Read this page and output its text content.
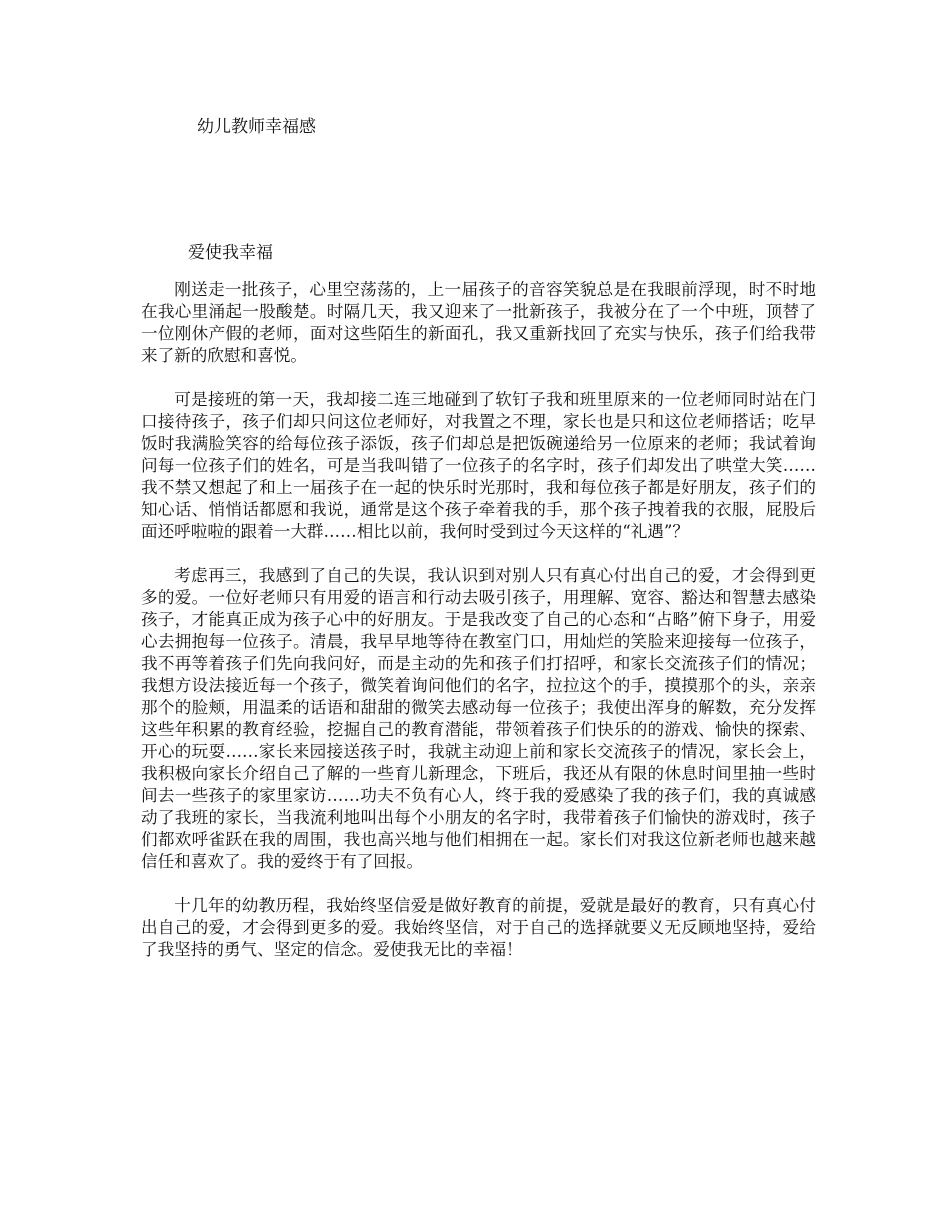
幼儿教师幸福感
爱使我幸福

刚送走一批孩子，心里空荡荡的，上一届孩子的音容笑貌总是在我眼前浮现，时不时地在我心里涌起一股酸楚。时隔几天，我又迎来了一批新孩子，我被分在了一个中班，顶替了一位刚休产假的老师，面对这些陌生的新面孔，我又重新找回了充实与快乐，孩子们给我带来了新的欣慰和喜悦。

可是接班的第一天，我却接二连三地碰到了软钉子我和班里原来的一位老师同时站在门口接待孩子，孩子们却只问这位老师好，对我置之不理，家长也是只和这位老师搭话；吃早饭时我满脸笑容的给每位孩子添饭，孩子们却总是把饭碗递给另一位原来的老师；我试着询问每一位孩子们的姓名，可是当我叫错了一位孩子的名字时，孩子们却发出了哄堂大笑……我不禁又想起了和上一届孩子在一起的快乐时光那时，我和每位孩子都是好朋友，孩子们的知心话、悄悄话都愿和我说，通常是这个孩子牵着我的手，那个孩子拽着我的衣服，屁股后面还呼啦啦的跟着一大群……相比以前，我何时受到过今天这样的“礼遇”？

考虑再三，我感到了自己的失误，我认识到对别人只有真心付出自己的爱，才会得到更多的爱。一位好老师只有用爱的语言和行动去吸引孩子，用理解、宽容、豁达和智慧去感染孩子，才能真正成为孩子心中的好朋友。于是我改变了自己的心态和“占略”俯下身子，用爱心去拥抱每一位孩子。清晨，我早早地等待在教室门口，用灿烂的笑脸来迎接每一位孩子，我不再等着孩子们先向我问好，而是主动的先和孩子们打招呼，和家长交流孩子们的情况；我想方设法接近每一个孩子，微笑着询问他们的名字，拉拉这个的手，摸摸那个的头，亲亲那个的脸颊，用温柔的话语和甜甜的微笑去感动每一位孩子；我使出浑身的解数，充分发挥这些年积累的教育经验，挖掘自己的教育潜能，带领着孩子们快乐的的游戏、愉快的探索、开心的玩耍……家长来园接送孩子时，我就主动迎上前和家长交流孩子的情况，家长会上，我积极向家长介绍自己了解的一些育儿新理念，下班后，我还从有限的休息时间里抽一些时间去一些孩子的家里家访……功夫不负有心人，终于我的爱感染了我的孩子们，我的真诚感动了我班的家长，当我流利地叫出每个小朋友的名字时，我带着孩子们愉快的游戏时，孩子们都欢呼雀跃在我的周围，我也高兴地与他们相拥在一起。家长们对我这位新老师也越来越信任和喜欢了。我的爱终于有了回报。

十几年的幼教历程，我始终坚信爱是做好教育的前提，爱就是最好的教育，只有真心付出自己的爱，才会得到更多的爱。我始终坚信，对于自己的选择就要义无反顾地坚持，爱给了我坚持的勇气、坚定的信念。爱使我无比的幸福！
